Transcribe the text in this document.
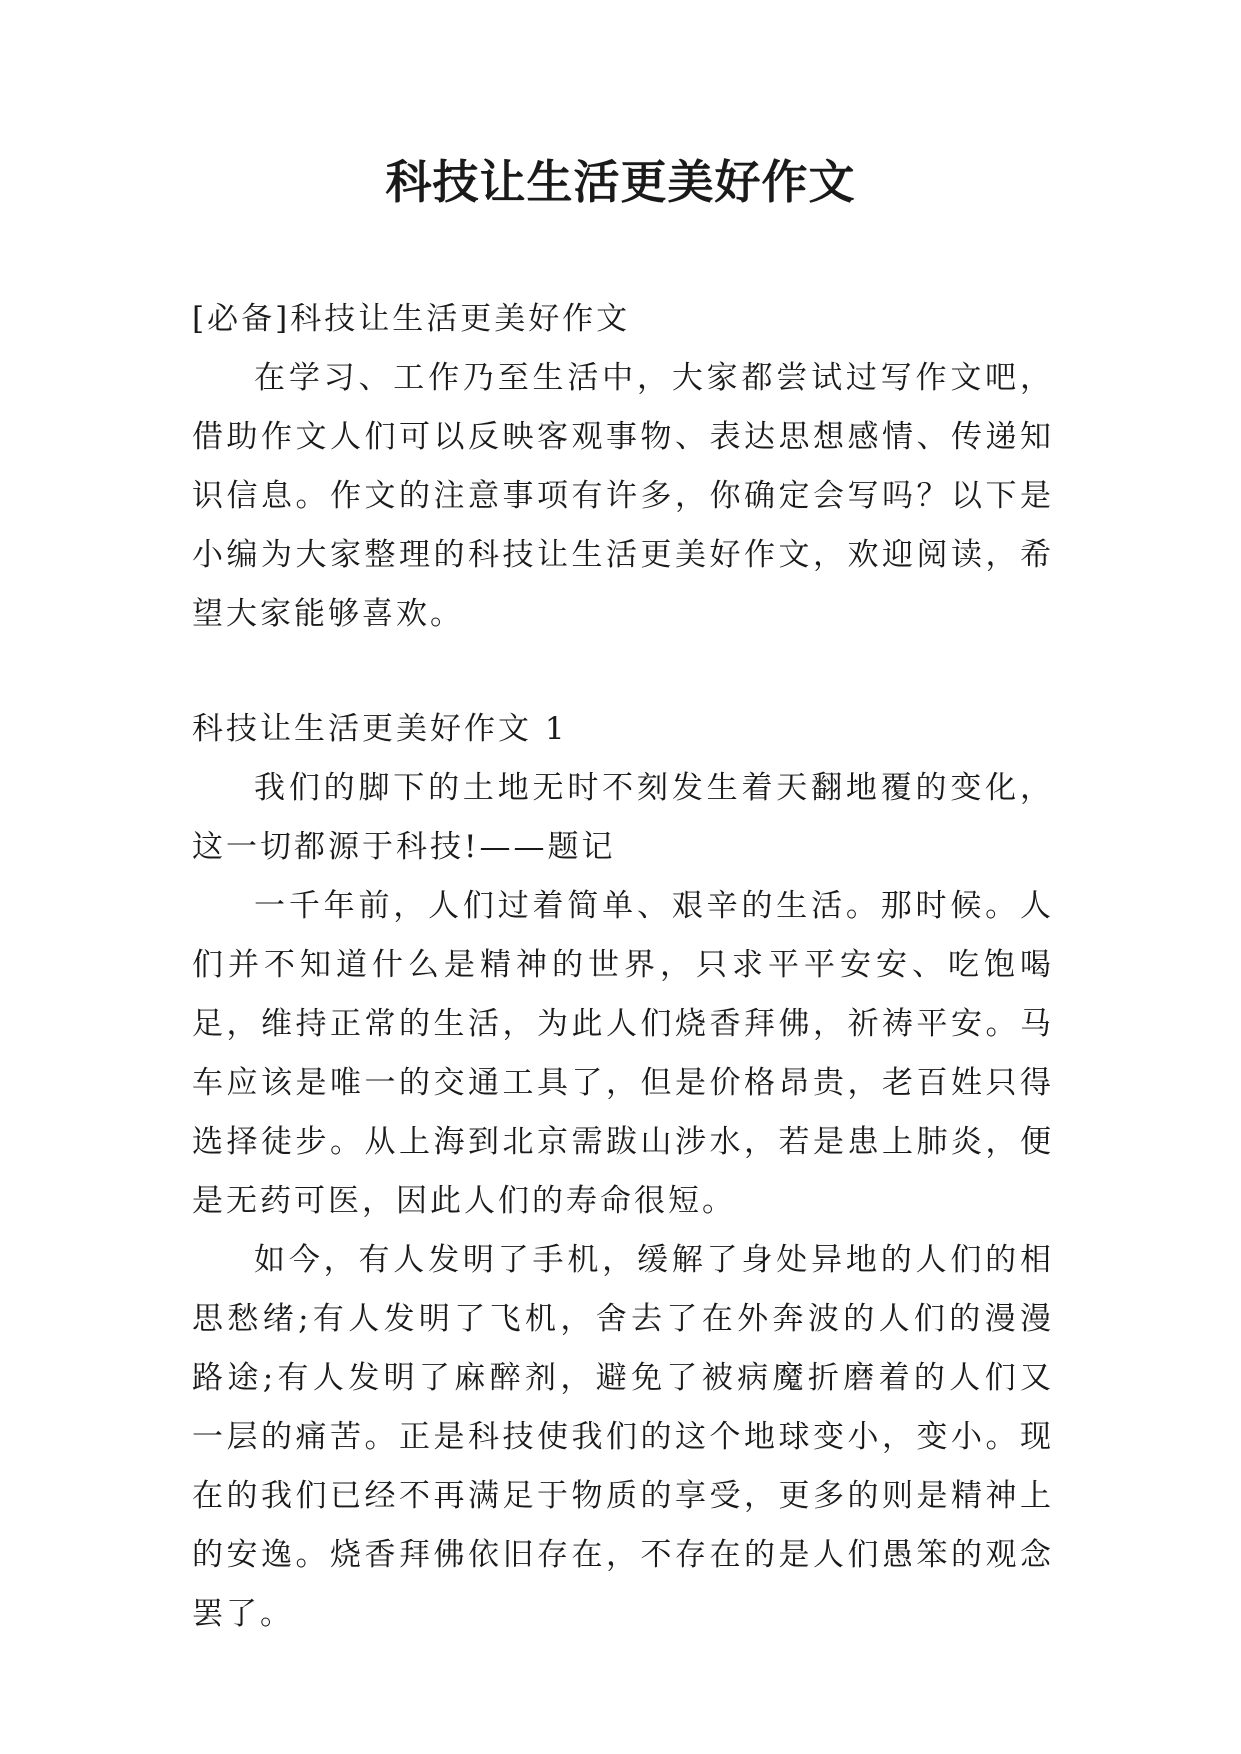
科技让生活更美好作文

[必备]科技让生活更美好作文

在学习、工作乃至生活中，大家都尝试过写作文吧，借助作文人们可以反映客观事物、表达思想感情、传递知识信息。作文的注意事项有许多，你确定会写吗？以下是小编为大家整理的科技让生活更美好作文，欢迎阅读，希望大家能够喜欢。

科技让生活更美好作文 1

我们的脚下的土地无时不刻发生着天翻地覆的变化，这一切都源于科技!——题记

一千年前，人们过着简单、艰辛的生活。那时候。人们并不知道什么是精神的世界，只求平平安安、吃饱喝足，维持正常的生活，为此人们烧香拜佛，祈祷平安。马车应该是唯一的交通工具了，但是价格昂贵，老百姓只得选择徒步。从上海到北京需跋山涉水，若是患上肺炎，便是无药可医，因此人们的寿命很短。

如今，有人发明了手机，缓解了身处异地的人们的相思愁绪;有人发明了飞机，舍去了在外奔波的人们的漫漫路途;有人发明了麻醉剂，避免了被病魔折磨着的人们又一层的痛苦。正是科技使我们的这个地球变小，变小。现在的我们已经不再满足于物质的享受，更多的则是精神上的安逸。烧香拜佛依旧存在，不存在的是人们愚笨的观念罢了。
